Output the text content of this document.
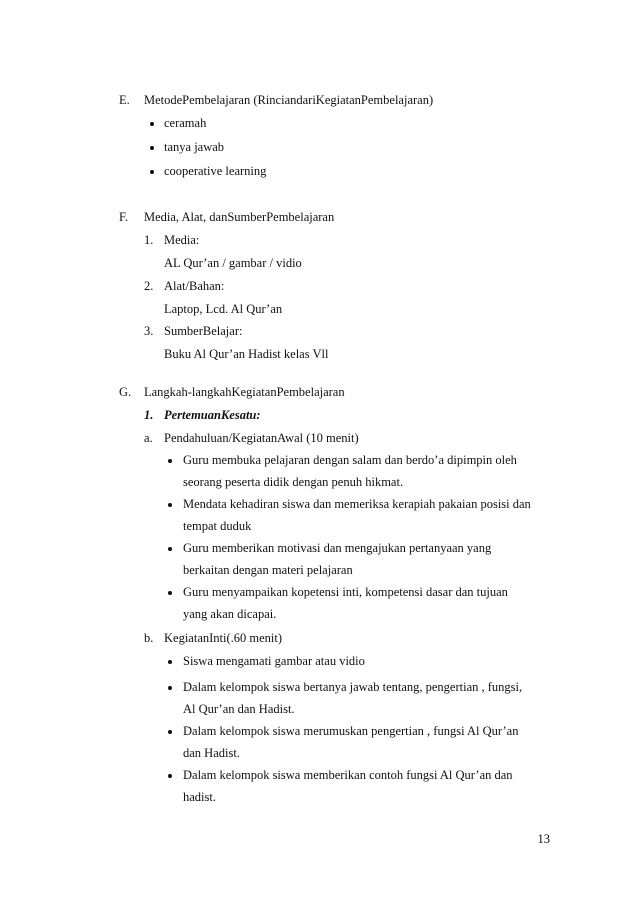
E. MetodePembelajaran (RinciandariKegiatanPembelajaran)
ceramah
tanya jawab
cooperative learning
F. Media, Alat, danSumberPembelajaran
1. Media:
AL Qur’an / gambar / vidio
2. Alat/Bahan:
Laptop, Lcd. Al Qur’an
3. SumberBelajar:
Buku Al Qur’an Hadist kelas Vll
G. Langkah-langkahKegiatanPembelajaran
1. PertemuanKesatu:
a. Pendahuluan/KegiatanAwal (10 menit)
Guru membuka pelajaran dengan salam dan berdo’a dipimpin oleh
seorang peserta didik dengan penuh hikmat.
Mendata kehadiran siswa dan memeriksa kerapiah pakaian posisi dan
tempat duduk
Guru memberikan motivasi dan mengajukan pertanyaan yang
berkaitan dengan materi pelajaran
Guru menyampaikan kopetensi inti, kompetensi dasar dan tujuan
yang akan dicapai.
b. KegiatanInti(.60 menit)
Siswa mengamati gambar atau vidio
Dalam kelompok siswa bertanya jawab tentang, pengertian , fungsi,
Al Qur’an dan Hadist.
Dalam kelompok siswa merumuskan pengertian , fungsi Al Qur’an
dan Hadist.
Dalam kelompok siswa memberikan contoh fungsi Al Qur’an dan
hadist.
13
